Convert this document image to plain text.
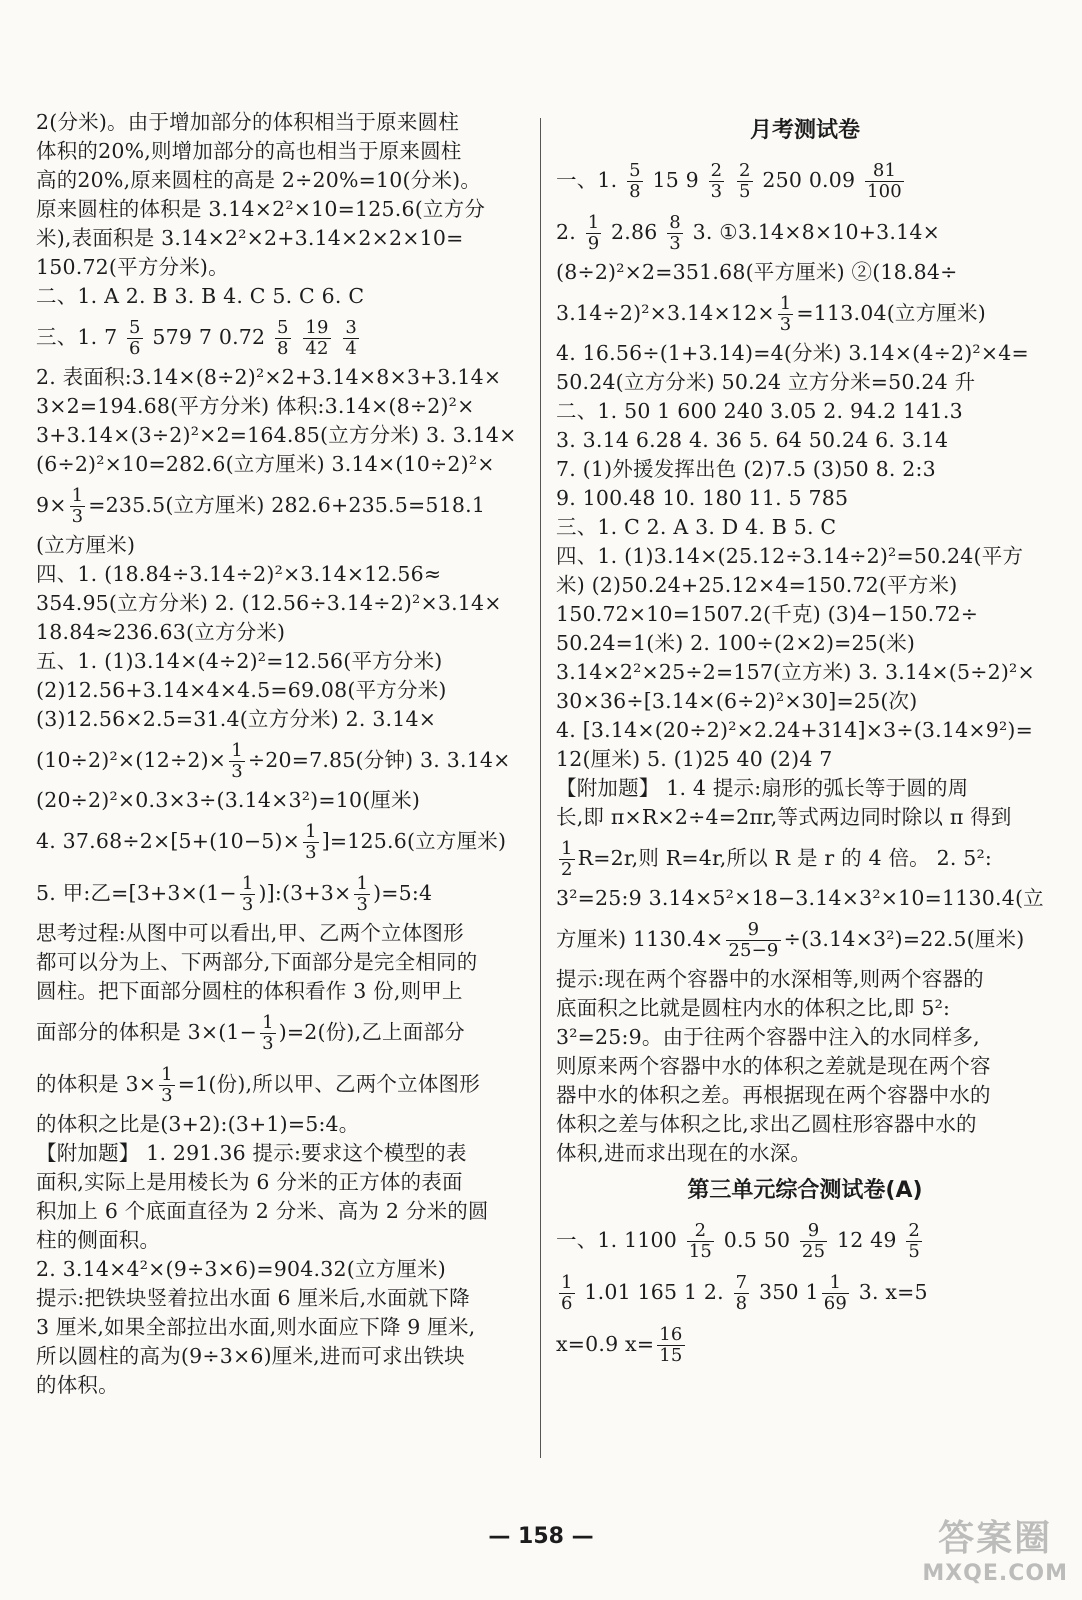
2(分米)。由于增加部分的体积相当于原来圆柱
体积的20%,则增加部分的高也相当于原来圆柱
高的20%,原来圆柱的高是 2÷20%=10(分米)。
原来圆柱的体积是 3.14×2²×10=125.6(立方分
米),表面积是 3.14×2²×2+3.14×2×2×10=
150.72(平方分米)。
二、1. A 2. B 3. B 4. C 5. C 6. C
三、1. $7 \frac{5}{6} 579$ 7 $0.72 \frac{5}{8}$
$\frac{19}{42}$
$\frac{3}{4}$
2. 表面积:3.14×(8÷2)²×2+3.14×8×3+3.14×
3×2=194.68(平方分米) 体积:3.14×(8÷2)²×
3+3.14×(3÷2)²×2=164.85(立方分米) 3. 3.14×
(6÷2)²×10=282.6(立方厘米) 3.14×(10÷2)²×
$9\times \frac{1}{3} =235.5$(立方厘米) 282.6+235.5=518.1
(立方厘米)
四、1. (18.84÷3.14÷2)²×3.14×12.56≈
354.95(立方分米) 2. (12.56÷3.14÷2)²×3.14×
18.84≈236.63(立方分米)
五、1. (1)3.14×(4÷2)²=12.56(平方分米)
(2)12.56+3.14×4×4.5=69.08(平方分米)
(3)12.56×2.5=31.4(立方分米) 2. 3.14×
$(10\div 2)^2\times(12\div 2)\times \frac{1}{3} \div 20=7.85$(分钟) 3. 3.14×
(20÷2)²×0.3×3÷(3.14×3²)=10(厘米)
4. $37.68\div 2\times[5+(10-5)\times \frac{1}{3} ]=125.6$(立方厘米)
5. 甲:乙$=[3+3\times(1- \frac{1}{3}$ )]:(3+3× $\frac{1}{3}$ )=5:4
思考过程:从图中可以看出,甲、乙两个立体图形
都可以分为上、下两部分,下面部分是完全相同的
圆柱。把下面部分圆柱的体积看作 3 份,则甲上
面部分的体积是 $3\times(1- \frac{1}{3} )=2$(份),乙上面部分
的体积是 $3\times \frac{1}{3} =1$(份),所以甲、乙两个立体图形
的体积之比是(3+2):(3+1)=5:4。
【附加题】 1. 291.36 提示:要求这个模型的表
面积,实际上是用棱长为 6 分米的正方体的表面
积加上 6 个底面直径为 2 分米、高为 2 分米的圆
柱的侧面积。
2. 3.14×4²×(9÷3×6)=904.32(立方厘米)
提示:把铁块竖着拉出水面 6 厘米后,水面就下降
3 厘米,如果全部拉出水面,则水面应下降 9 厘米,
所以圆柱的高为(9÷3×6)厘米,进而可求出铁块
的体积。
月考测试卷
一、1. $\frac{5}{8} 15$ $9 \frac{2}{3}$
$\frac{2}{5} 250$ $0.09 \frac{81}{100}$
2. $\frac{1}{9} 2.86 \frac{8}{3} 3$. ①3.14×8×10+3.14×
(8÷2)²×2=351.68(平方厘米) ②(18.84÷
$3.14\div 2)^2\times 3.14\times 12\times \frac{1}{3} =113.04$(立方厘米)
4. 16.56÷(1+3.14)=4(分米) 3.14×(4÷2)²×4=
50.24(立方分米) 50.24 立方分米=50.24 升
二、1. 50 1 600 240 3.05 2. 94.2 141.3
3. 3.14 6.28 4. 36 5. 64 50.24 6. 3.14
7. (1)外援发挥出色 (2)7.5 (3)50 8. 2:3
9. 100.48 10. 180 11. 5 785
三、1. C 2. A 3. D 4. B 5. C
四、1. (1)3.14×(25.12÷3.14÷2)²=50.24(平方
米) (2)50.24+25.12×4=150.72(平方米)
150.72×10=1507.2(千克) (3)4−150.72÷
50.24=1(米) 2. 100÷(2×2)=25(米)
3.14×2²×25÷2=157(立方米) 3. 3.14×(5÷2)²×
30×36÷[3.14×(6÷2)²×30]=25(次)
4. [3.14×(20÷2)²×2.24+314]×3÷(3.14×9²)=
12(厘米) 5. (1)25 40 (2)4 7
【附加题】 1. 4 提示:扇形的弧长等于圆的周
长,即 π×R×2÷4=2πr,等式两边同时除以 π 得到
$\frac{1}{2} R=2r$,则 R=4r,所以 R 是 r 的 4 倍。 2. 5²:
3²=25:9 3.14×5²×18−3.14×3²×10=1130.4(立
方厘米) $1130.4\times \frac{9}{25-9} \div(3.14\times 3^2)=22.5$(厘米)
提示:现在两个容器中的水深相等,则两个容器的
底面积之比就是圆柱内水的体积之比,即 5²:
3²=25:9。由于往两个容器中注入的水同样多,
则原来两个容器中水的体积之差就是现在两个容
器中水的体积之差。再根据现在两个容器中水的
体积之差与体积之比,求出乙圆柱形容器中水的
体积,进而求出现在的水深。
第三单元综合测试卷(A)
一、1. $1100 \frac{2}{15} 0.5$ $50 \frac{9}{25} 12$ $49 \frac{2}{5}$
$\frac{1}{6} 1.01$ 165 1 2. $\frac{7}{8} 350$ $1 \frac{1}{69} 3$. x=5
x=0.9 $x= \frac{16}{15}$
— 158 —	答案圈
MXQE.COM
